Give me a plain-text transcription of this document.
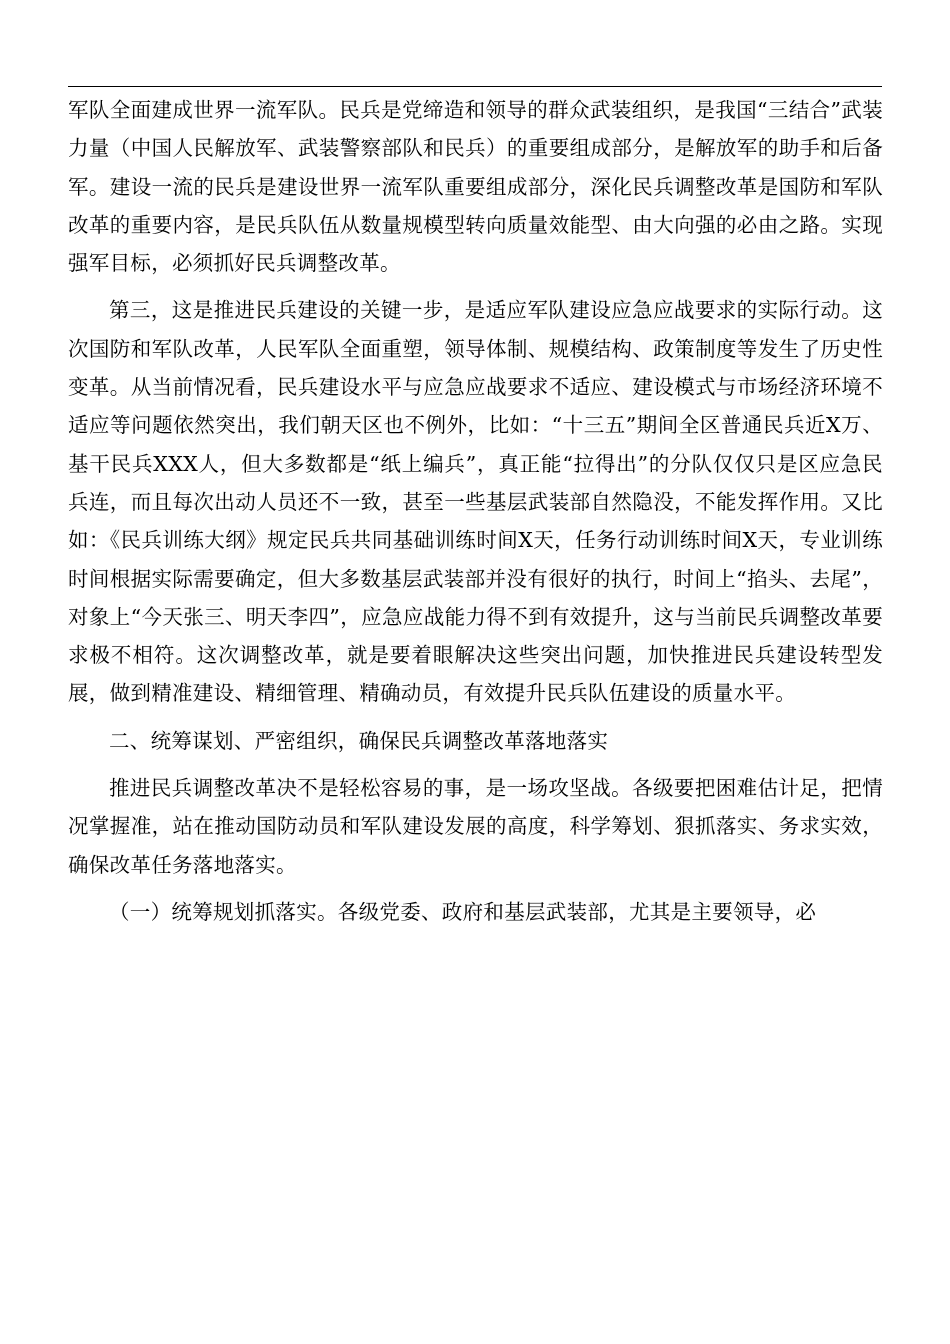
军队全面建成世界一流军队。民兵是党缔造和领导的群众武装组织，是我国“三结合”武装力量（中国人民解放军、武装警察部队和民兵）的重要组成部分，是解放军的助手和后备军。建设一流的民兵是建设世界一流军队重要组成部分，深化民兵调整改革是国防和军队改革的重要内容，是民兵队伍从数量规模型转向质量效能型、由大向强的必由之路。实现强军目标，必须抓好民兵调整改革。

第三，这是推进民兵建设的关键一步，是适应军队建设应急应战要求的实际行动。这次国防和军队改革，人民军队全面重塑，领导体制、规模结构、政策制度等发生了历史性变革。从当前情况看，民兵建设水平与应急应战要求不适应、建设模式与市场经济环境不适应等问题依然突出，我们朝天区也不例外，比如：“十三五”期间全区普通民兵近X万、基干民兵XXX人，但大多数都是“纸上编兵”，真正能“拉得出”的分队仅仅只是区应急民兵连，而且每次出动人员还不一致，甚至一些基层武装部自然隐没，不能发挥作用。又比如：《民兵训练大纲》规定民兵共同基础训练时间X天，任务行动训练时间X天，专业训练时间根据实际需要确定，但大多数基层武装部并没有很好的执行，时间上“掐头、去尾”，对象上“今天张三、明天李四”，应急应战能力得不到有效提升，这与当前民兵调整改革要求极不相符。这次调整改革，就是要着眼解决这些突出问题，加快推进民兵建设转型发展，做到精准建设、精细管理、精确动员，有效提升民兵队伍建设的质量水平。

二、统筹谋划、严密组织，确保民兵调整改革落地落实

推进民兵调整改革决不是轻松容易的事，是一场攻坚战。各级要把困难估计足，把情况掌握准，站在推动国防动员和军队建设发展的高度，科学筹划、狠抓落实、务求实效，确保改革任务落地落实。

（一）统筹规划抓落实。各级党委、政府和基层武装部，尤其是主要领导，必
